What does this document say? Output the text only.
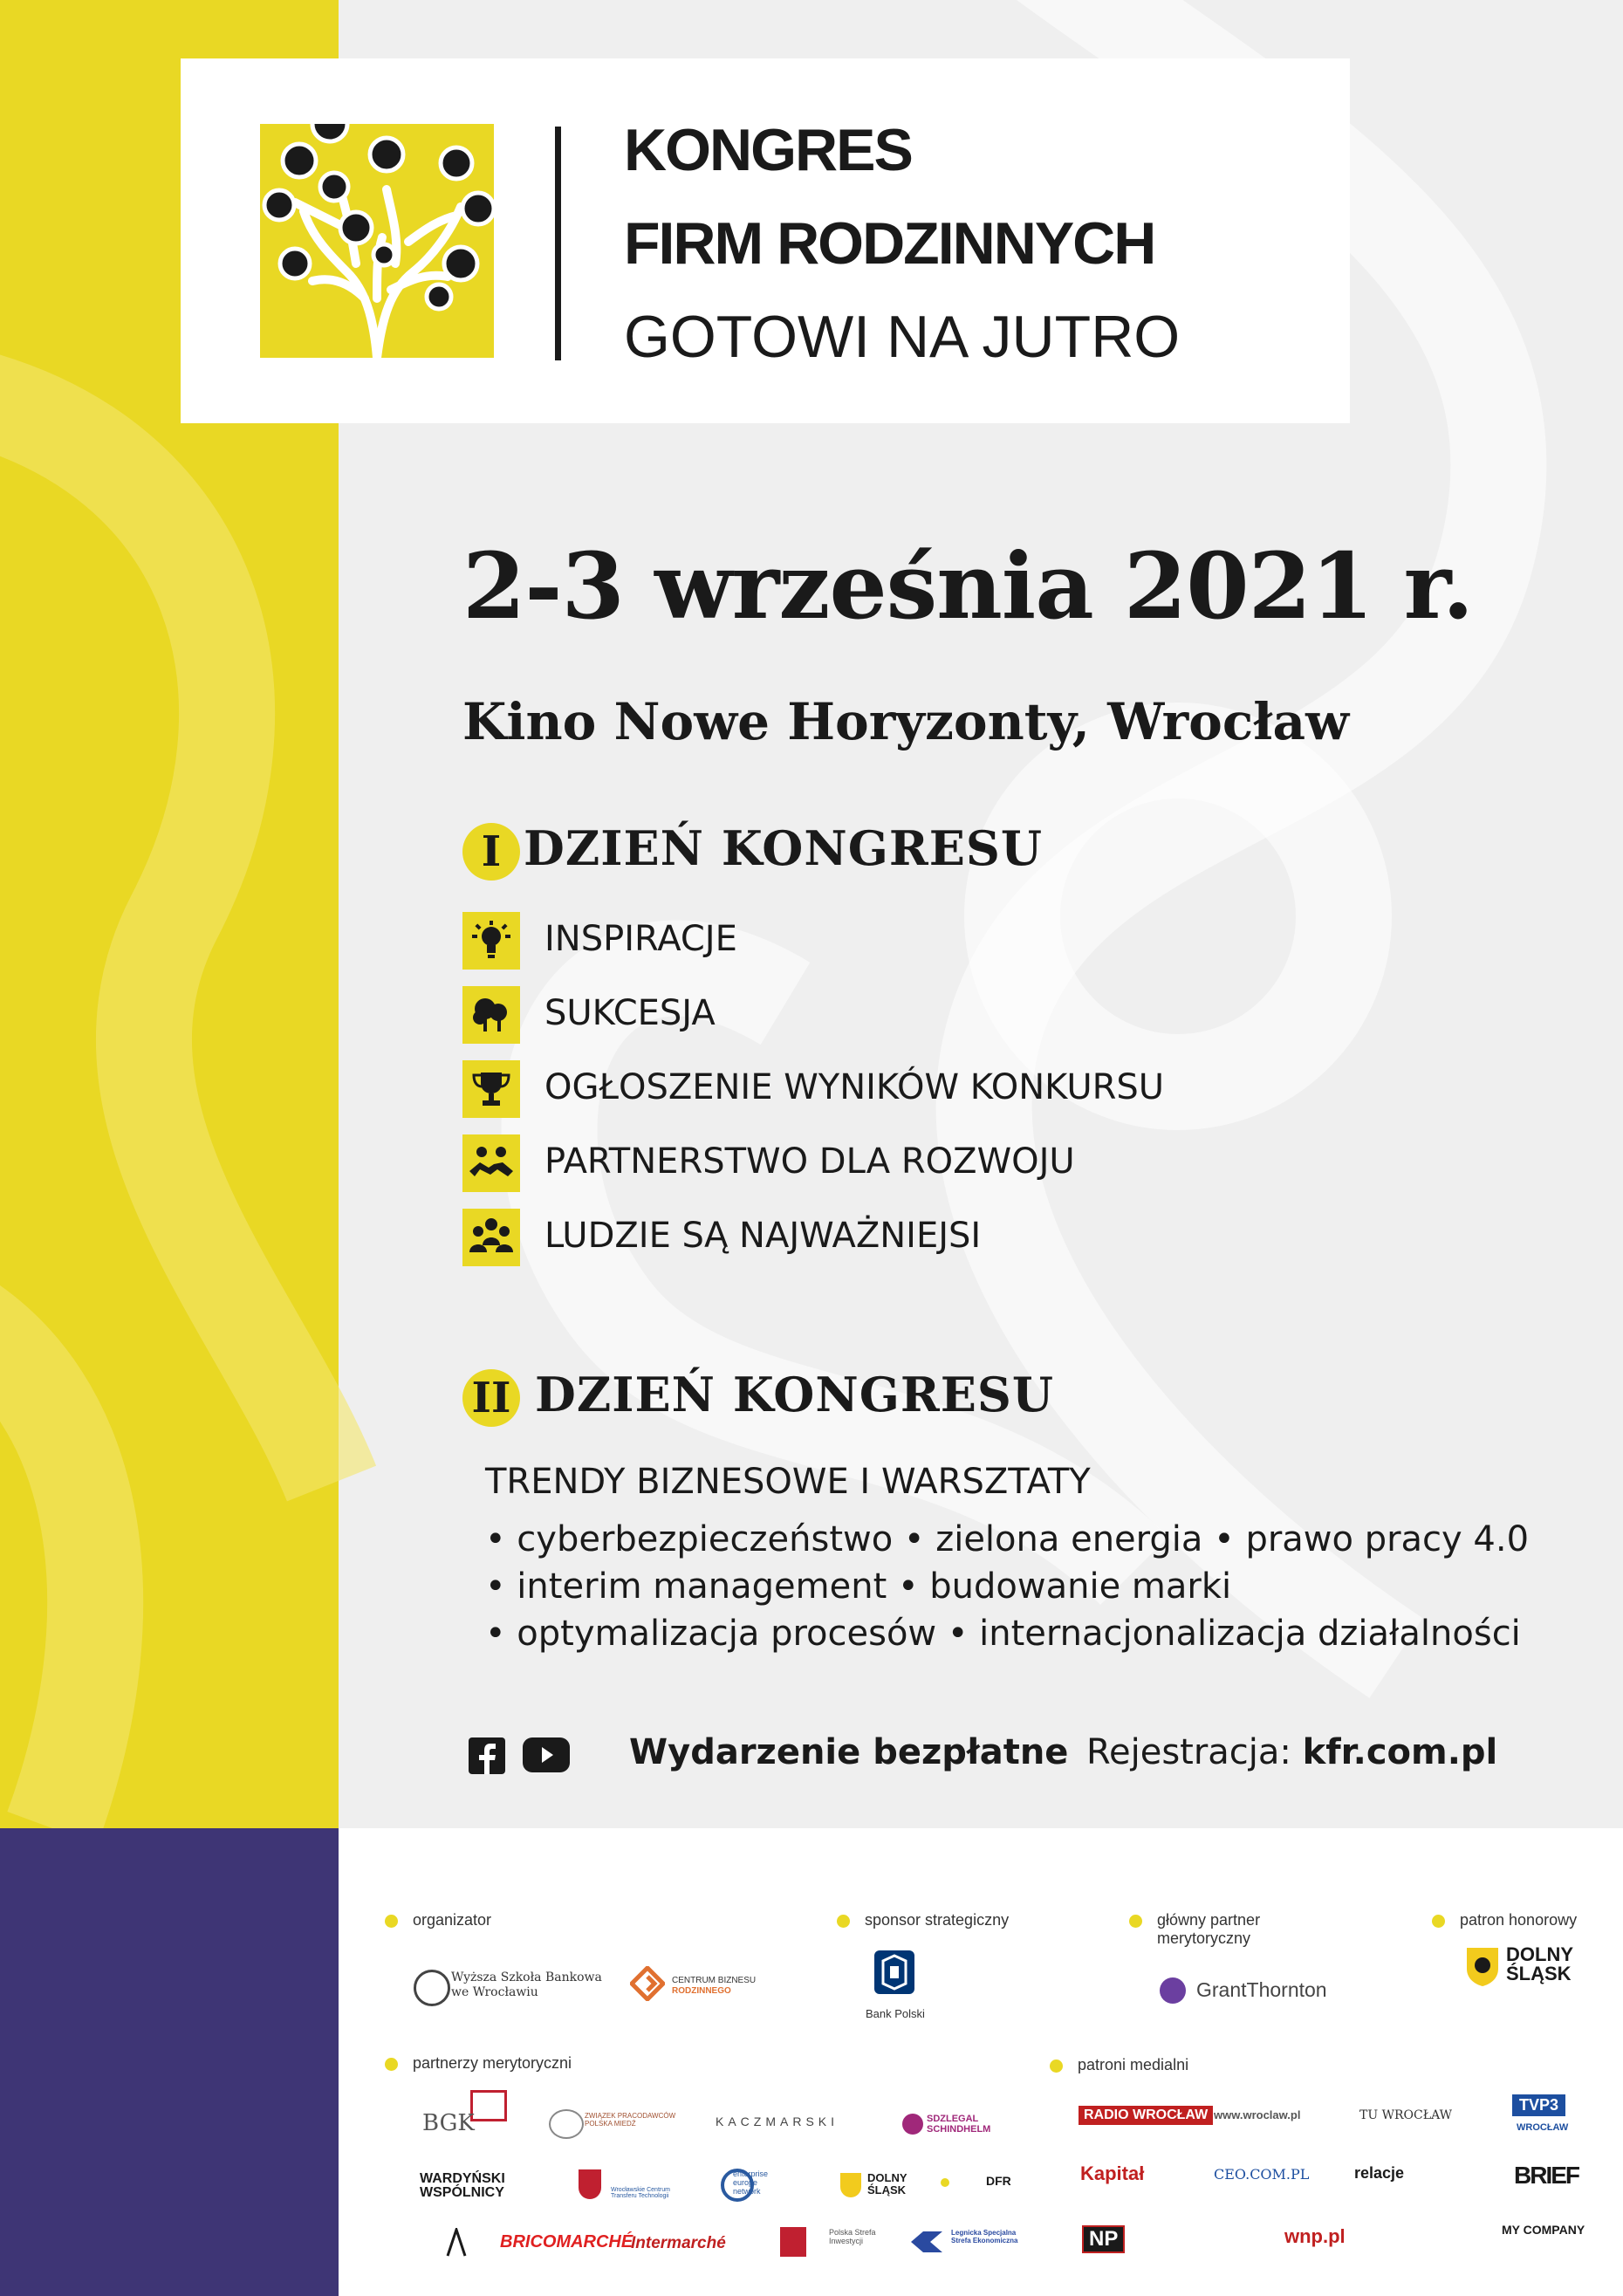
KONGRES
FIRM RODZINNYCH
GOTOWI NA JUTRO
2-3 września 2021 r.
Kino Nowe Horyzonty, Wrocław
I DZIEŃ KONGRESU
INSPIRACJE
SUKCESJA
OGŁOSZENIE WYNIKÓW KONKURSU
PARTNERSTWO DLA ROZWOJU
LUDZIE SĄ NAJWAŻNIEJSI
II DZIEŃ KONGRESU
TRENDY BIZNESOWE I WARSZTATY
• cyberbezpieczeństwo • zielona energia • prawo pracy 4.0
• interim management • budowanie marki
• optymalizacja procesów • internacjonalizacja działalności
Wydarzenie bezpłatne Rejestracja: kfr.com.pl
organizator	sponsor strategiczny	główny partner
merytoryczny
patron honorowy
Wyższa Szkoła Bankowa
we Wrocławiu
CENTRUM BIZNESU
RODZINNEGO
Bank Polski
GrantThornton
DOLNY
ŚLĄSK
partnerzy merytoryczni	patroni medialni
BGK	ZWIĄZEK PRACODAWCÓW POLSKA MIEDŹ	KACZMARSKI	SDZLEGAL SCHINDHELM
WARDYŃSKI WSPÓLNICY	Wrocławskie Centrum Transferu Technologii
enterprise europe network
DOLNY ŚLĄSK
DFR
BRICOMARCHÉ
Intermarché
Polska Strefa Inwestycji
Legnicka Specjalna Strefa Ekonomiczna
RADIO WROCŁAW www.wroclaw.pl	TU WROCŁAW
TVP3
WROCŁAW
Kapitał	CEO.COM.PL	relacje	BRIEF
NP	wnp.pl	MY COMPANY
